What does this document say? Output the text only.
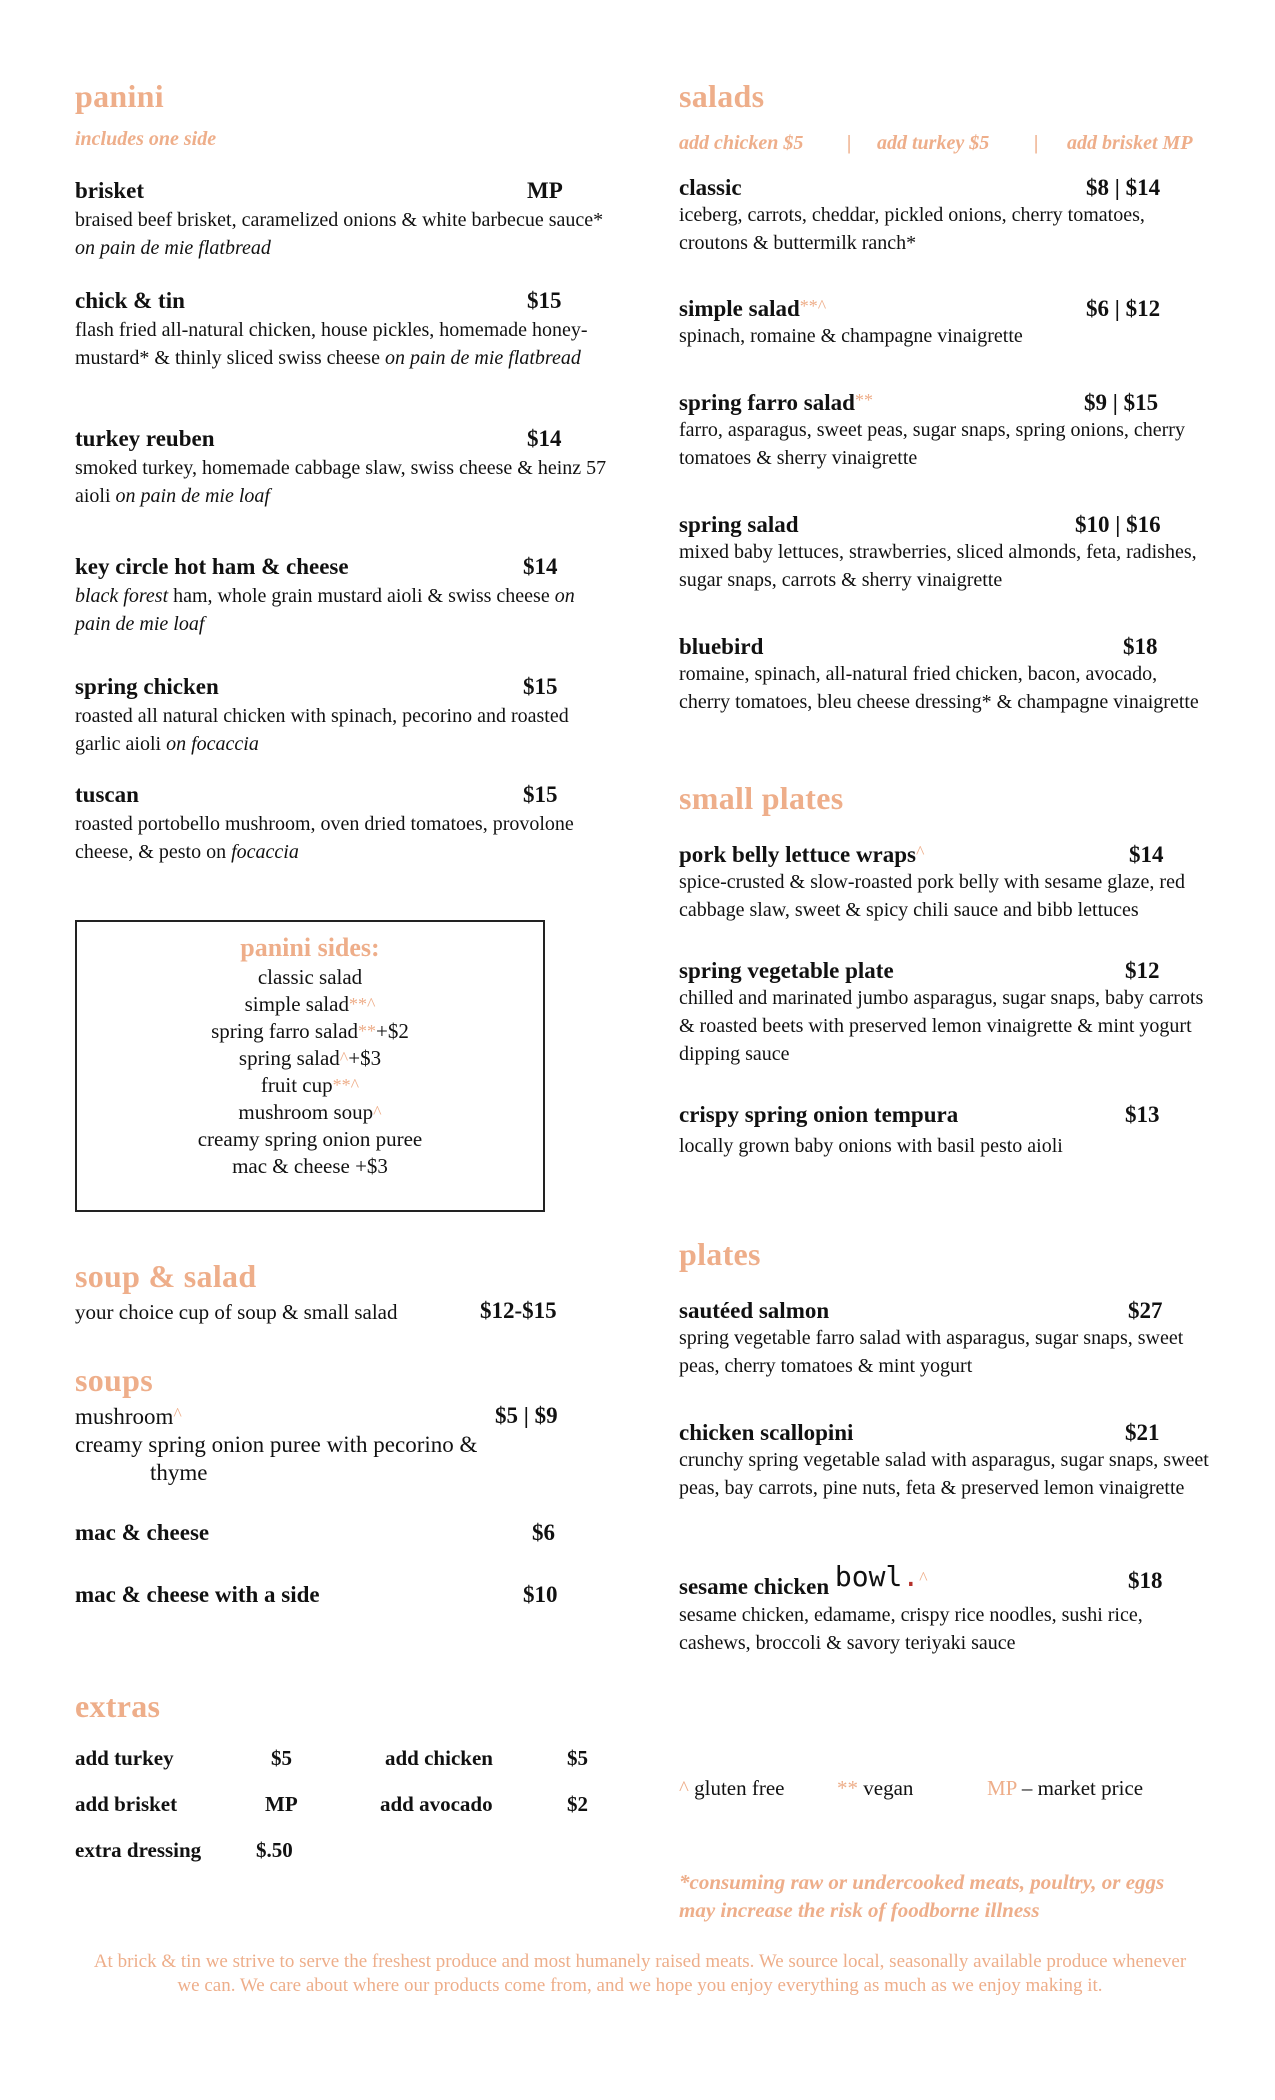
panini
includes one side
brisket	MP
braised beef brisket, caramelized onions & white barbecue sauce* on pain de mie flatbread
chick & tin	$15
flash fried all-natural chicken, house pickles, homemade honey-mustard* & thinly sliced swiss cheese on pain de mie flatbread
turkey reuben	$14
smoked turkey, homemade cabbage slaw, swiss cheese & heinz 57 aioli on pain de mie loaf
key circle hot ham & cheese	$14
black forest ham, whole grain mustard aioli & swiss cheese on pain de mie loaf
spring chicken	$15
roasted all natural chicken with spinach, pecorino and roasted garlic aioli on focaccia
tuscan	$15
roasted portobello mushroom, oven dried tomatoes, provolone cheese, & pesto on focaccia
panini sides:
classic salad
simple salad**^
spring farro salad**+$2
spring salad^+$3
fruit cup**^
mushroom soup^
creamy spring onion puree
mac & cheese +$3
soup & salad
your choice cup of soup & small salad	$12-$15
soups
mushroom^	$5 | $9
creamy spring onion puree with pecorino &
thyme
mac & cheese	$6
mac & cheese with a side	$10
extras
add turkey	$5	add chicken	$5
add brisket	MP	add avocado	$2
extra dressing	$.50
salads
add chicken $5 | add turkey $5 | add brisket MP
classic	$8 | $14
iceberg, carrots, cheddar, pickled onions, cherry tomatoes, croutons & buttermilk ranch*
simple salad**^	$6 | $12
spinach, romaine & champagne vinaigrette
spring farro salad**	$9 | $15
farro, asparagus, sweet peas, sugar snaps, spring onions, cherry tomatoes & sherry vinaigrette
spring salad	$10 | $16
mixed baby lettuces, strawberries, sliced almonds, feta, radishes, sugar snaps, carrots & sherry vinaigrette
bluebird	$18
romaine, spinach, all-natural fried chicken, bacon, avocado, cherry tomatoes, bleu cheese dressing* & champagne vinaigrette
small plates
pork belly lettuce wraps^	$14
spice-crusted & slow-roasted pork belly with sesame glaze, red cabbage slaw, sweet & spicy chili sauce and bibb lettuces
spring vegetable plate	$12
chilled and marinated jumbo asparagus, sugar snaps, baby carrots & roasted beets with preserved lemon vinaigrette & mint yogurt dipping sauce
crispy spring onion tempura	$13
locally grown baby onions with basil pesto aioli
plates
sautéed salmon	$27
spring vegetable farro salad with asparagus, sugar snaps, sweet peas, cherry tomatoes & mint yogurt
chicken scallopini	$21
crunchy spring vegetable salad with asparagus, sugar snaps, sweet peas, bay carrots, pine nuts, feta & preserved lemon vinaigrette
sesame chicken bowl.^	$18
sesame chicken, edamame, crispy rice noodles, sushi rice, cashews, broccoli & savory teriyaki sauce
^ gluten free	** vegan	MP – market price
*consuming raw or undercooked meats, poultry, or eggs may increase the risk of foodborne illness
At brick & tin we strive to serve the freshest produce and most humanely raised meats. We source local, seasonally available produce whenever we can. We care about where our products come from, and we hope you enjoy everything as much as we enjoy making it.
